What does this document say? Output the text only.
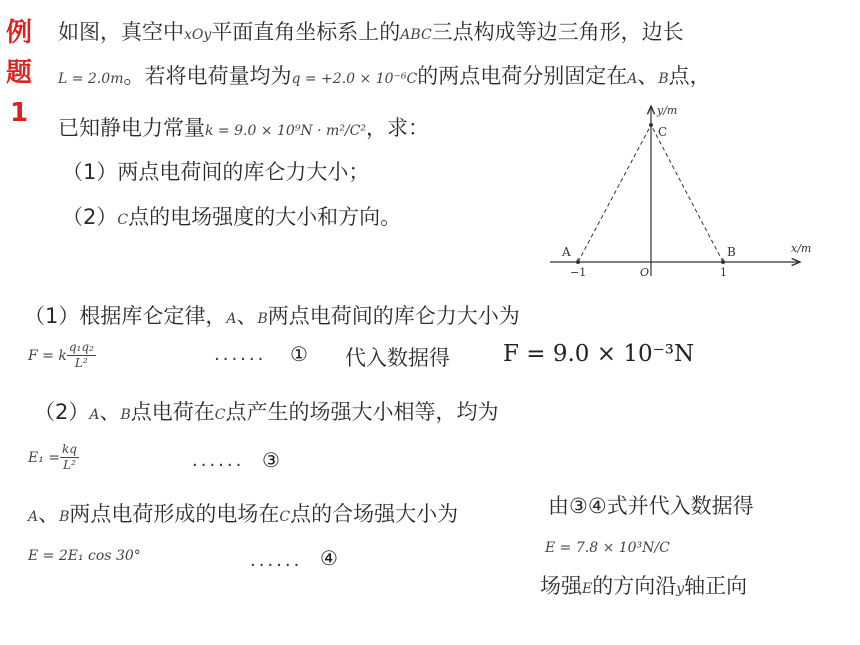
例
题
1
如图，真空中xOy平面直角坐标系上的ABC三点构成等边三角形，边长
L = 2.0m。若将电荷量均为q = +2.0 × 10⁻⁶C的两点电荷分别固定在A、B点，
已知静电力常量k = 9.0 × 10⁹N · m²/C²，求：
（1）两点电荷间的库仑力大小；
（2）C点的电场强度的大小和方向。
y/m
x/m
C
A	B
O
−1	1
（1）根据库仑定律，A、B两点电荷间的库仑力大小为
F = k $\frac{\text{q₁q₂}}{\text{L²}}$	...... ① 代入数据得 F = 9.0 × 10⁻³N
（2）A、B点电荷在C点产生的场强大小相等，均为
$E_1 = \frac{kq}{\text{L²}}$	...... ③
A、B两点电荷形成的电场在C点的合场强大小为
E = 2E₁ cos 30°	...... ④
由③④式并代入数据得
E = 7.8 × 10³N/C
场强E的方向沿y轴正向
